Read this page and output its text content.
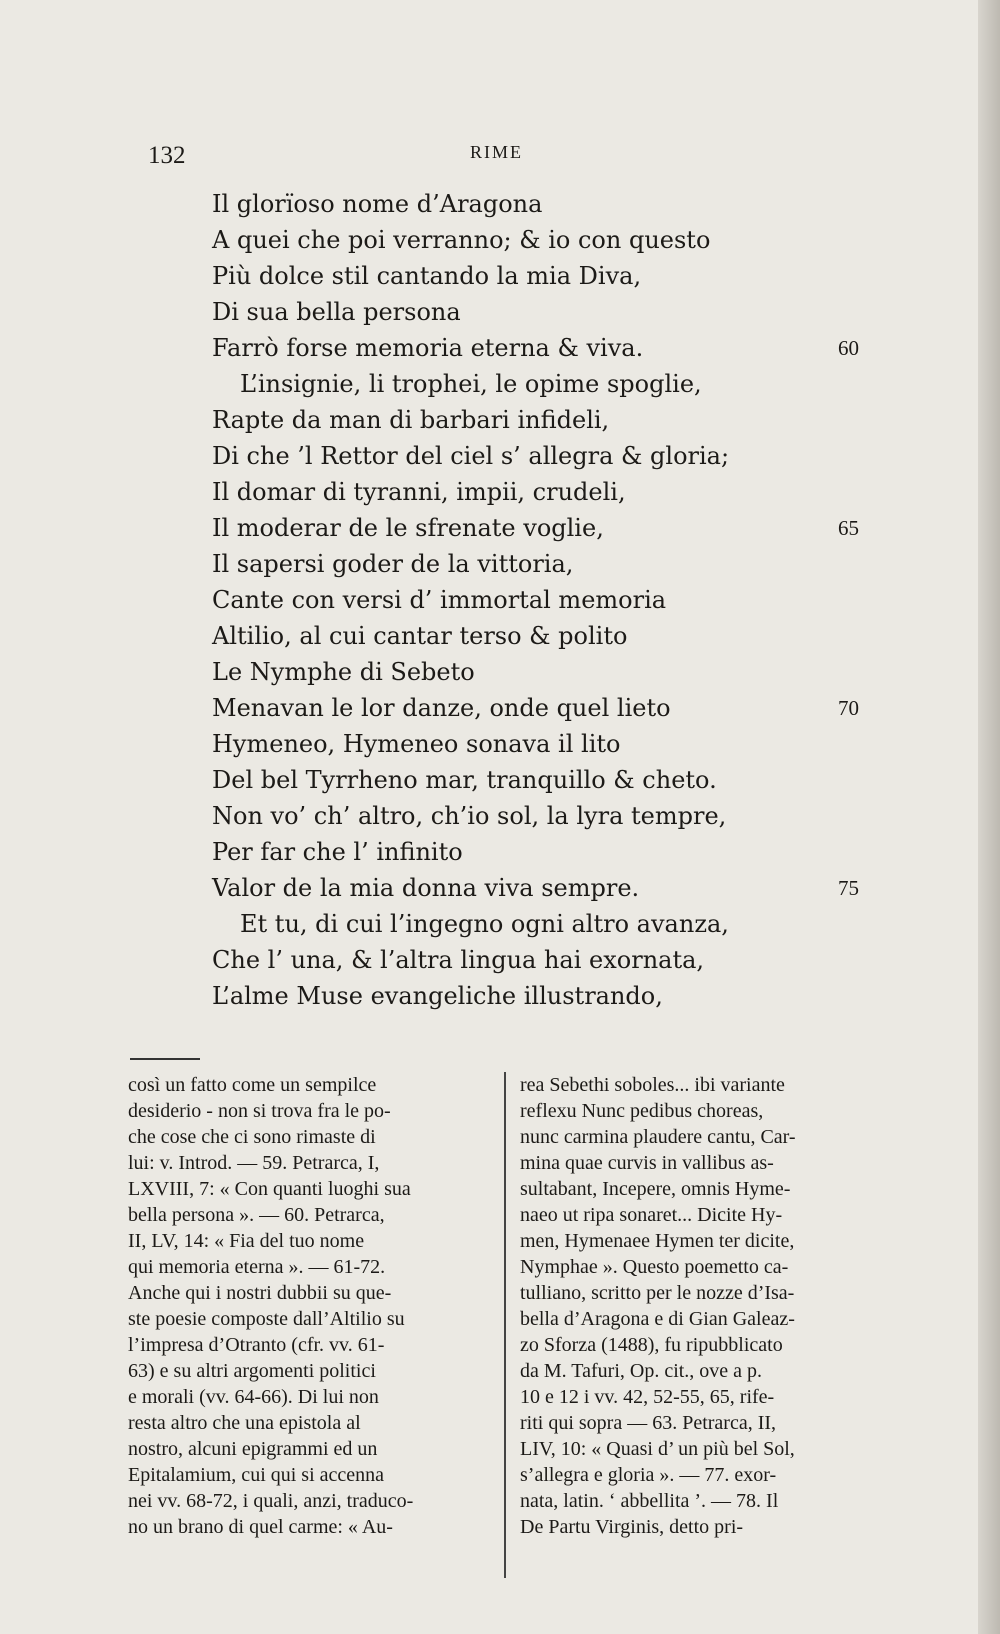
132	RIME
Il glorïoso nome d’Aragona
A quei che poi verranno; & io con questo
Più dolce stil cantando la mia Diva,
Di sua bella persona
Farrò forse memoria eterna & viva.	60
L’insignie, li trophei, le opime spoglie,
Rapte da man di barbari infideli,
Di che ’l Rettor del ciel s’ allegra & gloria;
Il domar di tyranni, impii, crudeli,
Il moderar de le sfrenate voglie,	65
Il sapersi goder de la vittoria,
Cante con versi d’ immortal memoria
Altilio, al cui cantar terso & polito
Le Nymphe di Sebeto
Menavan le lor danze, onde quel lieto	70
Hymeneo, Hymeneo sonava il lito
Del bel Tyrrheno mar, tranquillo & cheto.
Non vo’ ch’ altro, ch’io sol, la lyra tempre,
Per far che l’ infinito
Valor de la mia donna viva sempre.	75
Et tu, di cui l’ingegno ogni altro avanza,
Che l’ una, & l’altra lingua hai exornata,
L’alme Muse evangeliche illustrando,
così un fatto come un sempilce
desiderio - non si trova fra le po-
che cose che ci sono rimaste di
lui: v. Introd. — 59. Petrarca, I,
LXVIII, 7: « Con quanti luoghi sua
bella persona ». — 60. Petrarca,
II, LV, 14: « Fia del tuo nome
qui memoria eterna ». — 61-72.
Anche qui i nostri dubbii su que-
ste poesie composte dall’Altilio su
l’impresa d’Otranto (cfr. vv. 61-
63) e su altri argomenti politici
e morali (vv. 64-66). Di lui non
resta altro che una epistola al
nostro, alcuni epigrammi ed un
Epitalamium, cui qui si accenna
nei vv. 68-72, i quali, anzi, traduco-
no un brano di quel carme: « Au-
rea Sebethi soboles... ibi variante
reflexu Nunc pedibus choreas,
nunc carmina plaudere cantu, Car-
mina quae curvis in vallibus as-
sultabant, Incepere, omnis Hyme-
naeo ut ripa sonaret... Dicite Hy-
men, Hymenaee Hymen ter dicite,
Nymphae ». Questo poemetto ca-
tulliano, scritto per le nozze d’Isa-
bella d’Aragona e di Gian Galeaz-
zo Sforza (1488), fu ripubblicato
da M. Tafuri, Op. cit., ove a p.
10 e 12 i vv. 42, 52-55, 65, rife-
riti qui sopra — 63. Petrarca, II,
LIV, 10: « Quasi d’ un più bel Sol,
s’allegra e gloria ». — 77. exor-
nata, latin. ‘ abbellita ’. — 78. Il
De Partu Virginis, detto pri-
